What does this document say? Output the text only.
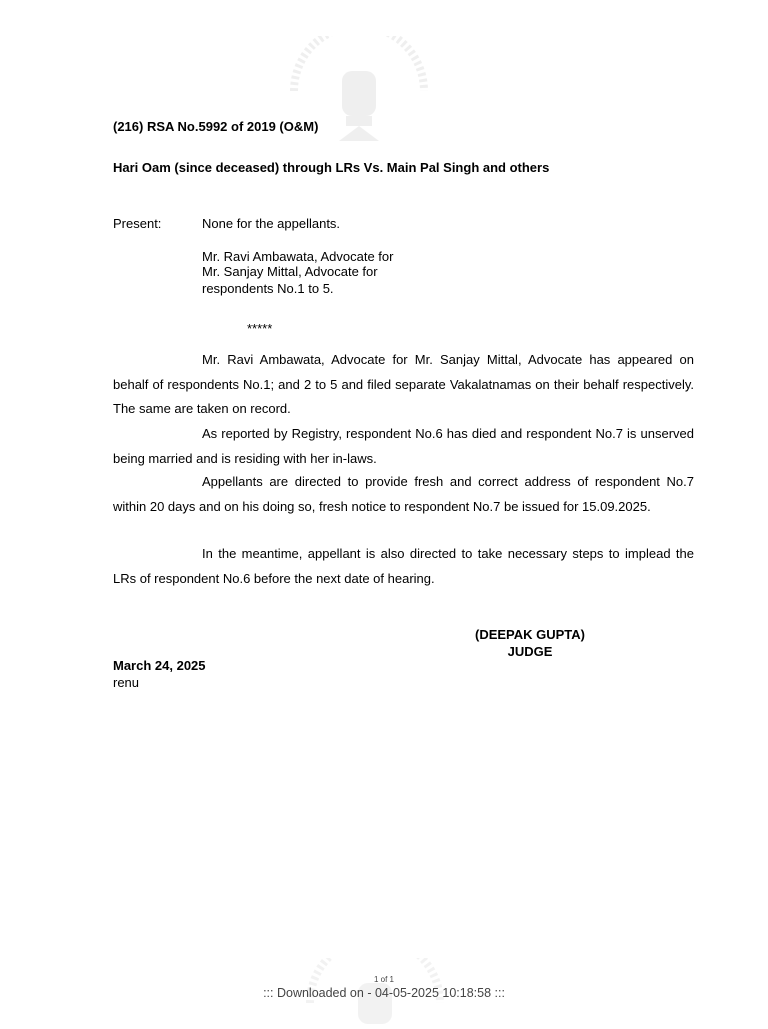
(216) RSA No.5992 of 2019 (O&M)
Hari Oam (since deceased) through LRs Vs. Main Pal Singh and others
Present:	None for the appellants.
Mr. Ravi Ambawata, Advocate for
Mr. Sanjay Mittal, Advocate for
respondents No.1 to 5.
*****
Mr. Ravi Ambawata, Advocate for Mr. Sanjay Mittal, Advocate has appeared on behalf of respondents No.1; and 2 to 5 and filed separate Vakalatnamas on their behalf respectively. The same are taken on record.
As reported by Registry, respondent No.6 has died and respondent No.7 is unserved being married and is residing with her in-laws.
Appellants are directed to provide fresh and correct address of respondent No.7 within 20 days and on his doing so, fresh notice to respondent No.7 be issued for 15.09.2025.
In the meantime, appellant is also directed to take necessary steps to implead the LRs of respondent No.6 before the next date of hearing.
(DEEPAK GUPTA)
JUDGE
March 24, 2025
renu
1 of 1
::: Downloaded on - 04-05-2025 10:18:58 :::
